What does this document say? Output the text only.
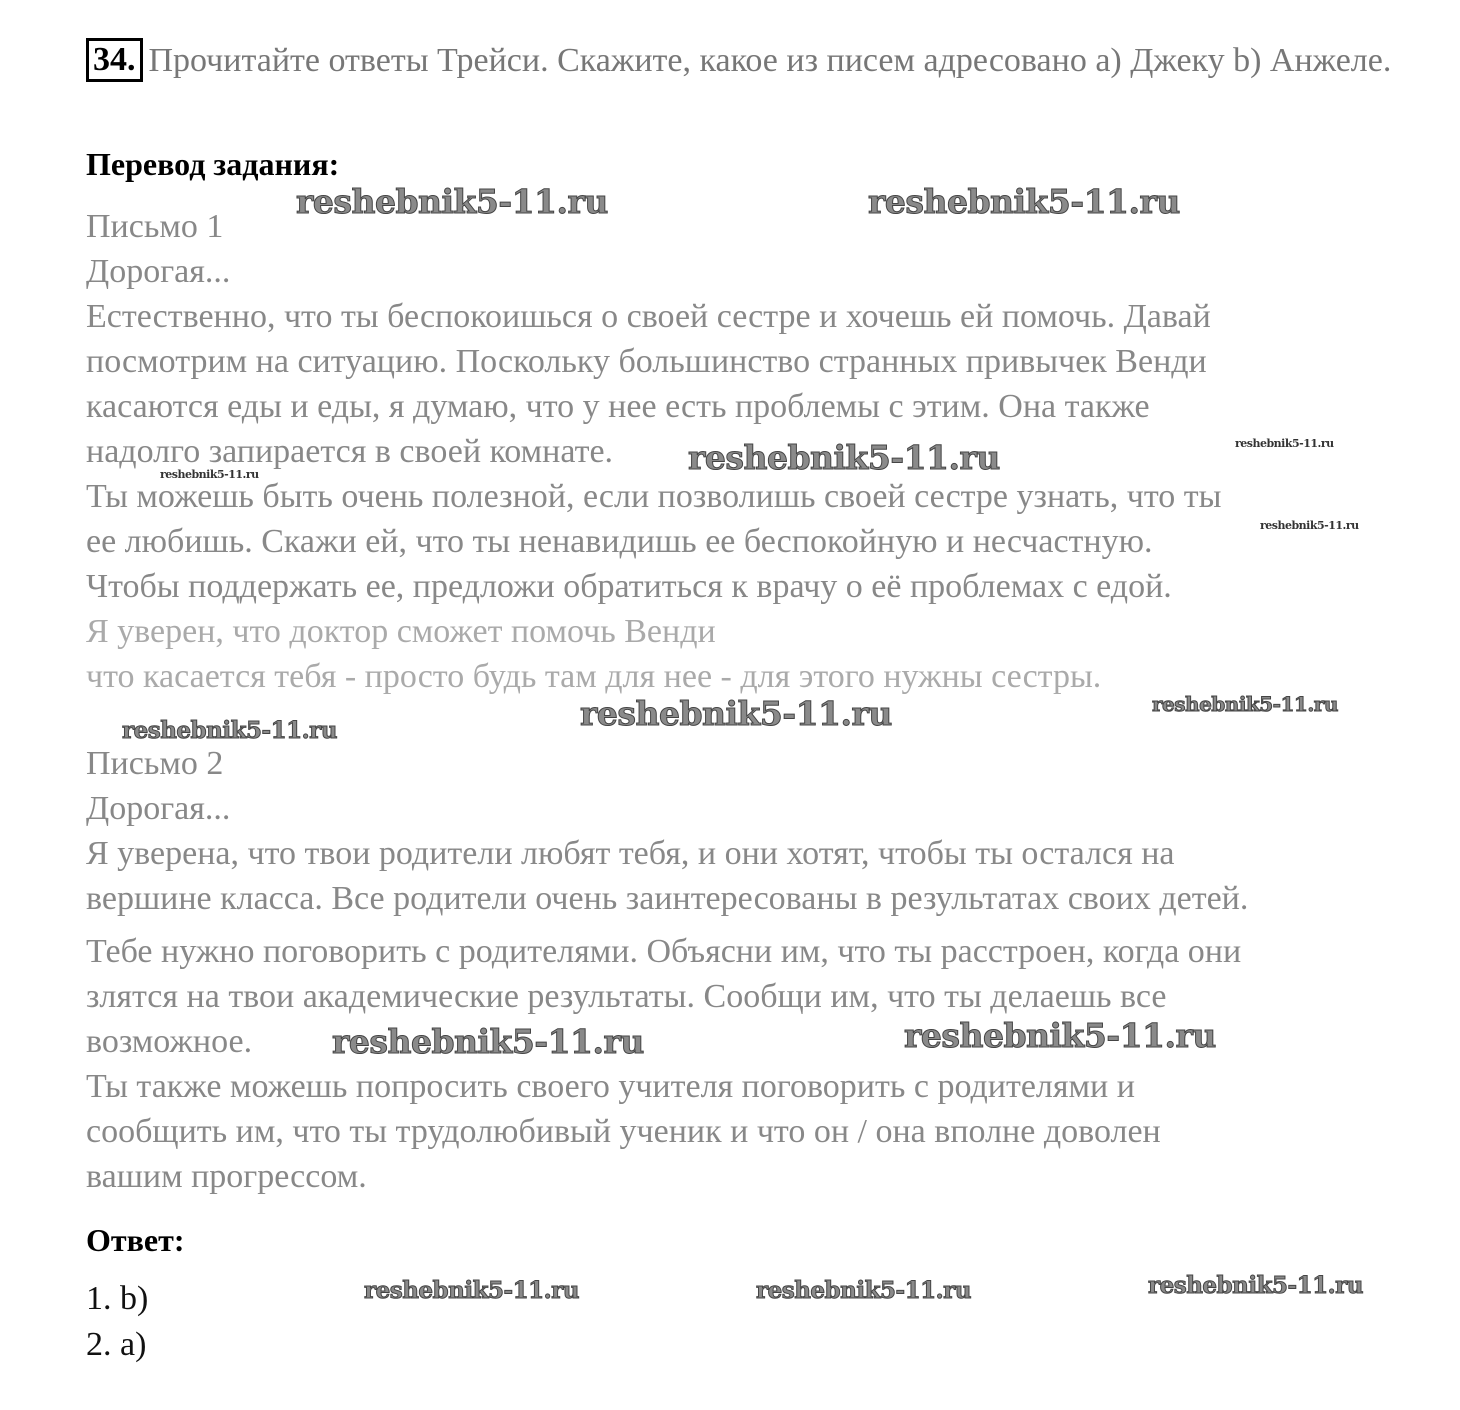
34. Прочитайте ответы Трейси. Скажите, какое из писем адресовано а) Джеку b) Анжеле.
Перевод задания:
Письмо 1
Дорогая...
Естественно, что ты беспокоишься о своей сестре и хочешь ей помочь. Давай
посмотрим на ситуацию. Поскольку большинство странных привычек Венди
касаются еды и еды, я думаю, что у нее есть проблемы с этим. Она также
надолго запирается в своей комнате.
Ты можешь быть очень полезной, если позволишь своей сестре узнать, что ты
ее любишь. Скажи ей, что ты ненавидишь ее беспокойную и несчастную.
Чтобы поддержать ее, предложи обратиться к врачу о её проблемах с едой.
Я уверен, что доктор сможет помочь Венди
что касается тебя - просто будь там для нее - для этого нужны сестры.
Письмо 2
Дорогая...
Я уверена, что твои родители любят тебя, и они хотят, чтобы ты остался на
вершине класса. Все родители очень заинтересованы в результатах своих детей.
Тебе нужно поговорить с родителями. Объясни им, что ты расстроен, когда они
злятся на твои академические результаты. Сообщи им, что ты делаешь все
возможное.
Ты также можешь попросить своего учителя поговорить с родителями и
сообщить им, что ты трудолюбивый ученик и что он / она вполне доволен
вашим прогрессом.
Ответ:
1. b)
2. a)
reshebnik5-11.ru	reshebnik5-11.ru
reshebnik5-11.ru
reshebnik5-11.ru
reshebnik5-11.ru
reshebnik5-11.ru
reshebnik5-11.ru
reshebnik5-11.ru
reshebnik5-11.ru
reshebnik5-11.ru	reshebnik5-11.ru
reshebnik5-11.ru	reshebnik5-11.ru	reshebnik5-11.ru
